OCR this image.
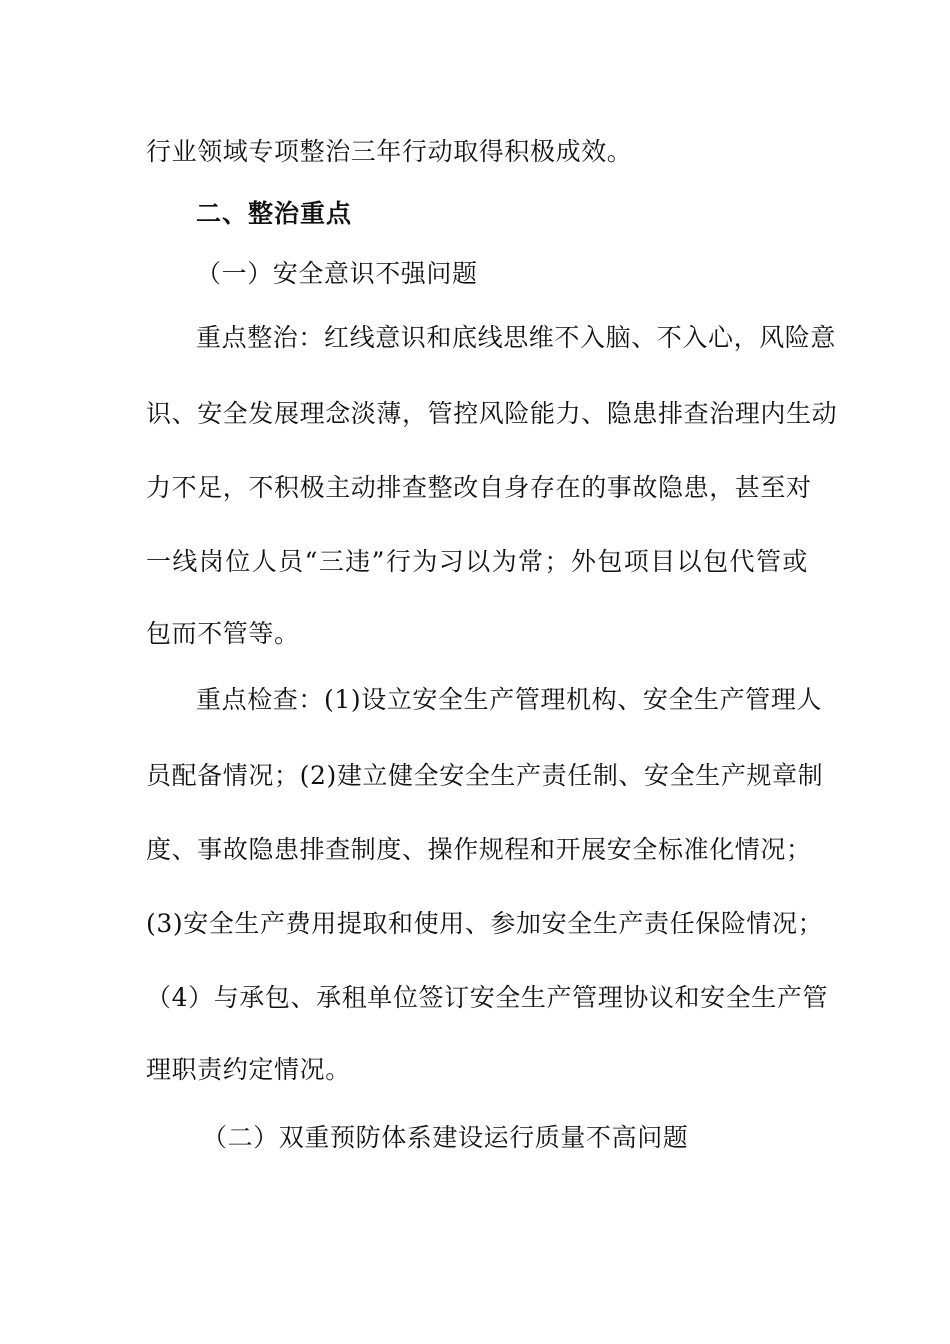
行业领域专项整治三年行动取得积极成效。
二、整治重点
（一）安全意识不强问题
重点整治：红线意识和底线思维不入脑、不入心，风险意
识、安全发展理念淡薄，管控风险能力、隐患排查治理内生动
力不足，不积极主动排查整改自身存在的事故隐患，甚至对
一线岗位人员“三违”行为习以为常；外包项目以包代管或
包而不管等。
重点检查：(1)设立安全生产管理机构、安全生产管理人
员配备情况；(2)建立健全安全生产责任制、安全生产规章制
度、事故隐患排查制度、操作规程和开展安全标准化情况；
(3)安全生产费用提取和使用、参加安全生产责任保险情况；
（4）与承包、承租单位签订安全生产管理协议和安全生产管
理职责约定情况。
（二）双重预防体系建设运行质量不高问题
